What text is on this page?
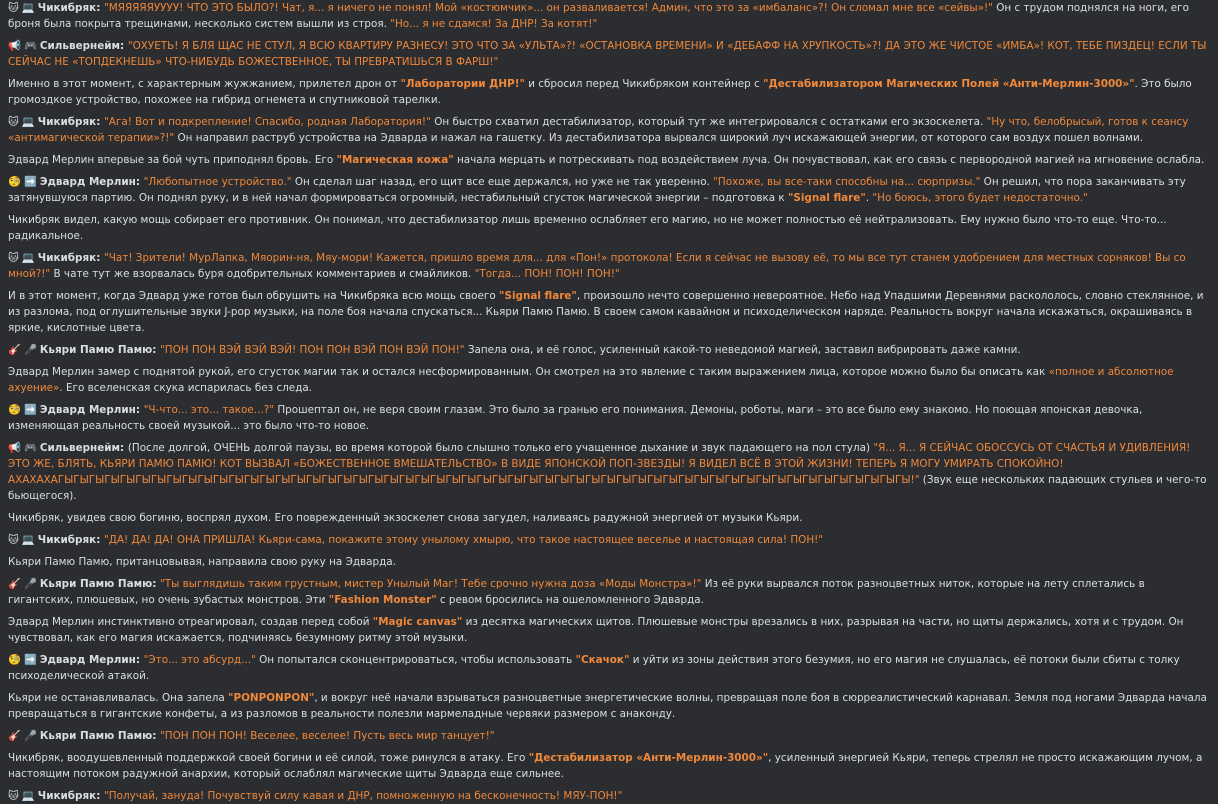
🐱 💻 Чикибряк: "МЯЯЯЯЯУУУУ! ЧТО ЭТО БЫЛО?! Чат, я... я ничего не понял! Мой «костюмчик»... он разваливается! Админ, что это за «имбаланс»?! Он сломал мне все «сейвы»!" Он с трудом поднялся на ноги, его броня была покрыта трещинами, несколько систем вышли из строя. "Но... я не сдамся! За ДНР! За котят!"
📢 🎮 Сильвернейм: "ОХУЕТЬ! Я БЛЯ ЩАС НЕ СТУЛ, Я ВСЮ КВАРТИРУ РАЗНЕСУ! ЭТО ЧТО ЗА «УЛЬТА»?! «ОСТАНОВКА ВРЕМЕНИ» И «ДЕБАФФ НА ХРУПКОСТЬ»?! ДА ЭТО ЖЕ ЧИСТОЕ «ИМБА»! КОТ, ТЕБЕ ПИЗДЕЦ! ЕСЛИ ТЫ СЕЙЧАС НЕ «ТОПДЕКНЕШЬ» ЧТО-НИБУДЬ БОЖЕСТВЕННОЕ, ТЫ ПРЕВРАТИШЬСЯ В ФАРШ!"
Именно в этот момент, с характерным жужжанием, прилетел дрон от "Лаборатории ДНР!" и сбросил перед Чикибряком контейнер с "Дестабилизатором Магических Полей «Анти-Мерлин-3000»". Это было громоздкое устройство, похожее на гибрид огнемета и спутниковой тарелки.
🐱 💻 Чикибряк: "Ага! Вот и подкрепление! Спасибо, родная Лаборатория!" Он быстро схватил дестабилизатор, который тут же интегрировался с остатками его экзоскелета. "Ну что, белобрысый, готов к сеансу «антимагической терапии»?!" Он направил раструб устройства на Эдварда и нажал на гашетку. Из дестабилизатора вырвался широкий луч искажающей энергии, от которого сам воздух пошел волнами.
Эдвард Мерлин впервые за бой чуть приподнял бровь. Его "Магическая кожа" начала мерцать и потрескивать под воздействием луча. Он почувствовал, как его связь с первородной магией на мгновение ослабла.
🧐 ➡️ Эдвард Мерлин: "Любопытное устройство." Он сделал шаг назад, его щит все еще держался, но уже не так уверенно. "Похоже, вы все-таки способны на... сюрпризы." Он решил, что пора заканчивать эту затянувшуюся партию. Он поднял руку, и в ней начал формироваться огромный, нестабильный сгусток магической энергии – подготовка к "Signal flare". "Но боюсь, этого будет недостаточно."
Чикибряк видел, какую мощь собирает его противник. Он понимал, что дестабилизатор лишь временно ослабляет его магию, но не может полностью её нейтрализовать. Ему нужно было что-то еще. Что-то... радикальное.
🐱 💻 Чикибряк: "Чат! Зрители! МурЛапка, Мяорин-ня, Мяу-мори! Кажется, пришло время для... для «Пон!» протокола! Если я сейчас не вызову её, то мы все тут станем удобрением для местных сорняков! Вы со мной?!" В чате тут же взорвалась буря одобрительных комментариев и смайликов. "Тогда... ПОН! ПОН! ПОН!"
И в этот момент, когда Эдвард уже готов был обрушить на Чикибряка всю мощь своего "Signal flare", произошло нечто совершенно невероятное. Небо над Упадшими Деревнями раскололось, словно стеклянное, и из разлома, под оглушительные звуки J-pop музыки, на поле боя начала спускаться... Кьяри Памю Памю. В своем самом кавайном и психоделическом наряде. Реальность вокруг начала искажаться, окрашиваясь в яркие, кислотные цвета.
🎸 🎤 Кьяри Памю Памю: "ПОН ПОН ВЭЙ ВЭЙ ВЭЙ! ПОН ПОН ВЭЙ ПОН ВЭЙ ПОН!" Запела она, и её голос, усиленный какой-то неведомой магией, заставил вибрировать даже камни.
Эдвард Мерлин замер с поднятой рукой, его сгусток магии так и остался несформированным. Он смотрел на это явление с таким выражением лица, которое можно было бы описать как «полное и абсолютное ахуение». Его вселенская скука испарилась без следа.
🧐 ➡️ Эдвард Мерлин: "Ч-что... это... такое...?" Прошептал он, не веря своим глазам. Это было за гранью его понимания. Демоны, роботы, маги – это все было ему знакомо. Но поющая японская девочка, изменяющая реальность своей музыкой... это было что-то новое.
📢 🎮 Сильвернейм: (После долгой, ОЧЕНЬ долгой паузы, во время которой было слышно только его учащенное дыхание и звук падающего на пол стула) "Я... Я... Я СЕЙЧАС ОБОССУСЬ ОТ СЧАСТЬЯ И УДИВЛЕНИЯ! ЭТО ЖЕ, БЛЯТЬ, КЬЯРИ ПАМЮ ПАМЮ! КОТ ВЫЗВАЛ «БОЖЕСТВЕННОЕ ВМЕШАТЕЛЬСТВО» В ВИДЕ ЯПОНСКОЙ ПОП-ЗВЕЗДЫ! Я ВИДЕЛ ВСЁ В ЭТОЙ ЖИЗНИ! ТЕПЕРЬ Я МОГУ УМИРАТЬ СПОКОЙНО! АХАХАХАГЫГЫГЫГЫГЫГЫГЫГЫГЫГЫГЫГЫГЫГЫГЫГЫГЫГЫГЫГЫГЫГЫГЫГЫГЫГЫГЫГЫГЫГЫГЫГЫГЫГЫГЫГЫГЫГЫГЫГЫГЫГЫГЫГЫГЫГЫГЫГЫГЫГЫГЫГЫГЫГЫГЫ!" (Звук еще нескольких падающих стульев и чего-то бьющегося).
Чикибряк, увидев свою богиню, воспрял духом. Его поврежденный экзоскелет снова загудел, наливаясь радужной энергией от музыки Кьяри.
🐱 💻 Чикибряк: "ДА! ДА! ДА! ОНА ПРИШЛА! Кьяри-сама, покажите этому унылому хмырю, что такое настоящее веселье и настоящая сила! ПОН!"
Кьяри Памю Памю, пританцовывая, направила свою руку на Эдварда.
🎸 🎤 Кьяри Памю Памю: "Ты выглядишь таким грустным, мистер Унылый Маг! Тебе срочно нужна доза «Моды Монстра»!" Из её руки вырвался поток разноцветных ниток, которые на лету сплетались в гигантских, плюшевых, но очень зубастых монстров. Эти "Fashion Monster" с ревом бросились на ошеломленного Эдварда.
Эдвард Мерлин инстинктивно отреагировал, создав перед собой "Magic canvas" из десятка магических щитов. Плюшевые монстры врезались в них, разрывая на части, но щиты держались, хотя и с трудом. Он чувствовал, как его магия искажается, подчиняясь безумному ритму этой музыки.
🧐 ➡️ Эдвард Мерлин: "Это... это абсурд..." Он попытался сконцентрироваться, чтобы использовать "Скачок" и уйти из зоны действия этого безумия, но его магия не слушалась, её потоки были сбиты с толку психоделической атакой.
Кьяри не останавливалась. Она запела "PONPONPON", и вокруг неё начали взрываться разноцветные энергетические волны, превращая поле боя в сюрреалистический карнавал. Земля под ногами Эдварда начала превращаться в гигантские конфеты, а из разломов в реальности полезли мармеладные червяки размером с анаконду.
🎸 🎤 Кьяри Памю Памю: "ПОН ПОН ПОН! Веселее, веселее! Пусть весь мир танцует!"
Чикибряк, воодушевленный поддержкой своей богини и её силой, тоже ринулся в атаку. Его "Дестабилизатор «Анти-Мерлин-3000»", усиленный энергией Кьяри, теперь стрелял не просто искажающим лучом, а настоящим потоком радужной анархии, который ослаблял магические щиты Эдварда еще сильнее.
🐱 💻 Чикибряк: "Получай, зануда! Почувствуй силу кавая и ДНР, помноженную на бесконечность! МЯУ-ПОН!"
